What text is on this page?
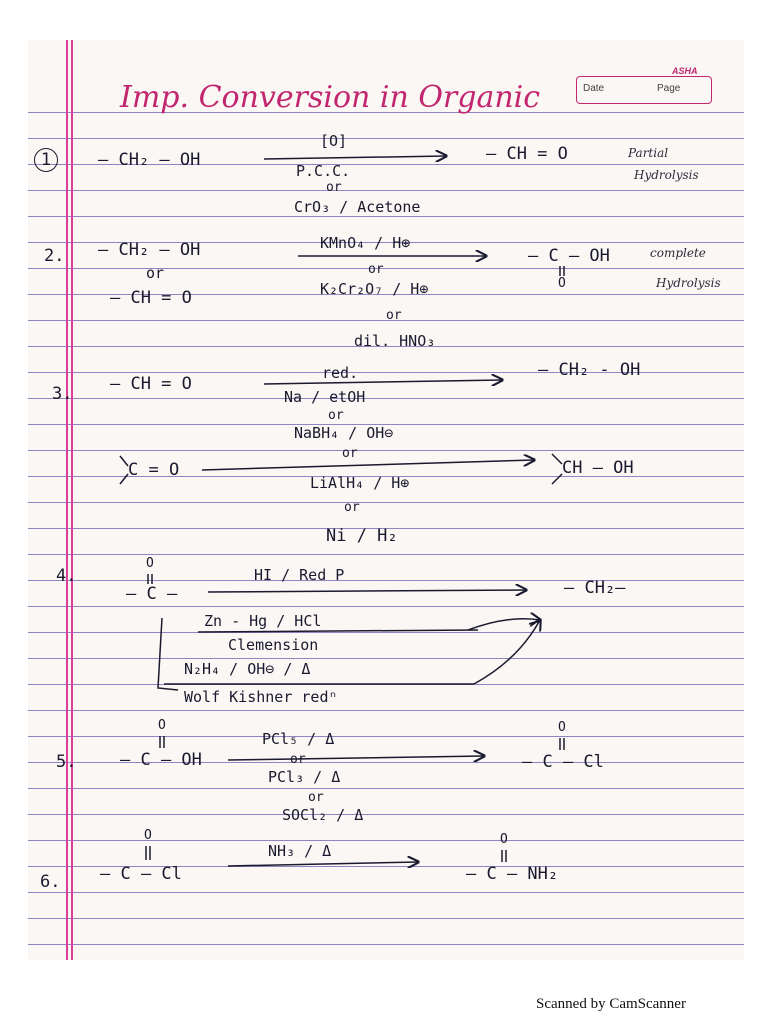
ASHA
Date	Page
Imp. Conversion in Organic
1	— CH₂ — OH
[O]
P.C.C.
or
CrO₃ / Acetone
— CH = O	Partial
Hydrolysis
2. — CH₂ — OH
or
— CH = O
KMnO₄ / H⊕
or
K₂Cr₂O₇ / H⊕
or
dil. HNO₃
— C — OH
O
complete
Hydrolysis
3. — CH = O
red.
Na / etOH
or
NaBH₄ / OH⊖
or
— CH₂ - OH
C = O
LiAlH₄ / H⊕
or
Ni / H₂
CH — OH
4.
O
— C —
HI / Red P
Zn - Hg / HCl
Clemension
N₂H₄ / OH⊖ / Δ
Wolf Kishner redⁿ
— CH₂—
5.
O
— C — OH
PCl₅ / Δ
or
PCl₃ / Δ
or
SOCl₂ / Δ
O
— C — Cl
6.
O
— C — Cl
NH₃ / Δ
O
— C — NH₂
Scanned by CamScanner
